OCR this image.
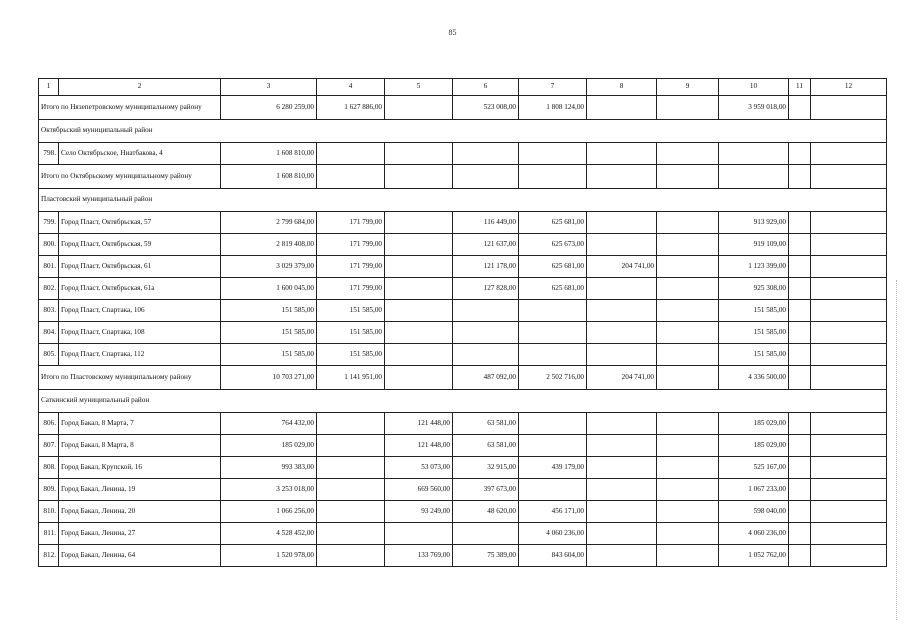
85
1	2	3	4	5	6	7	8	9	10	11	12
Итого по Нязепетровскому муниципальному району		6 280 259,00	1 627 886,00		523 008,00	1 808 124,00			3 959 018,00		
Октябрьский муниципальный район											
798.	Село Октябрьское, Ниатбакова, 4	1 608 810,00									
Итого по Октябрьскому муниципальному району		1 608 810,00									
Пластовский муниципальный район											
799.	Город Пласт, Октябрьская, 57	2 799 684,00	171 799,00		116 449,00	625 681,00			913 929,00		
800.	Город Пласт, Октябрьская, 59	2 819 408,00	171 799,00		121 637,00	625 673,00			919 109,00		
801.	Город Пласт, Октябрьская, 61	3 029 379,00	171 799,00		121 178,00	625 681,00	204 741,00		1 123 399,00		
802.	Город Пласт, Октябрьская, 61а	1 600 045,00	171 799,00		127 828,00	625 681,00			925 308,00		
803.	Город Пласт, Спартака, 106	151 585,00	151 585,00						151 585,00		
804.	Город Пласт, Спартака, 108	151 585,00	151 585,00						151 585,00		
805.	Город Пласт, Спартака, 112	151 585,00	151 585,00						151 585,00		
Итого по Пластовскому муниципальному району		10 703 271,00	1 141 951,00		487 092,00	2 502 716,00	204 741,00		4 336 500,00		
Саткинский муниципальный район											
806.	Город Бакал, 8 Марта, 7	764 432,00		121 448,00	63 581,00				185 029,00		
807.	Город Бакал, 8 Марта, 8	185 029,00		121 448,00	63 581,00				185 029,00		
808.	Город Бакал, Крупской, 16	993 383,00		53 073,00	32 915,00	439 179,00			525 167,00		
809.	Город Бакал, Ленина, 19	3 253 018,00		669 560,00	397 673,00				1 067 233,00		
810.	Город Бакал, Ленина, 20	1 066 256,00		93 249,00	48 620,00	456 171,00			598 040,00		
811.	Город Бакал, Ленина, 27	4 528 452,00				4 060 236,00			4 060 236,00		
812.	Город Бакал, Ленина, 64	1 520 978,00		133 769,00	75 389,00	843 604,00			1 052 762,00		
